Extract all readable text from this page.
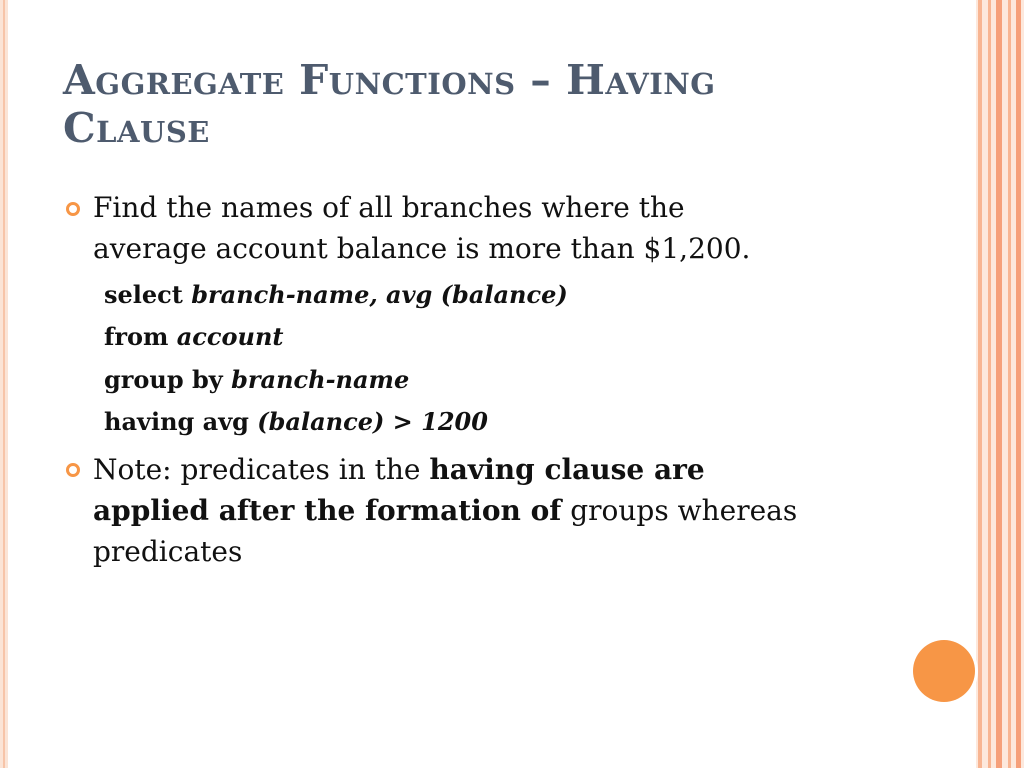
Aggregate Functions – Having
Clause
Find the names of all branches where the
average account balance is more than $1,200.
select branch-name, avg (balance)
from account
group by branch-name
having avg (balance) > 1200
Note: predicates in the having clause are
applied after the formation of groups whereas
predicates
